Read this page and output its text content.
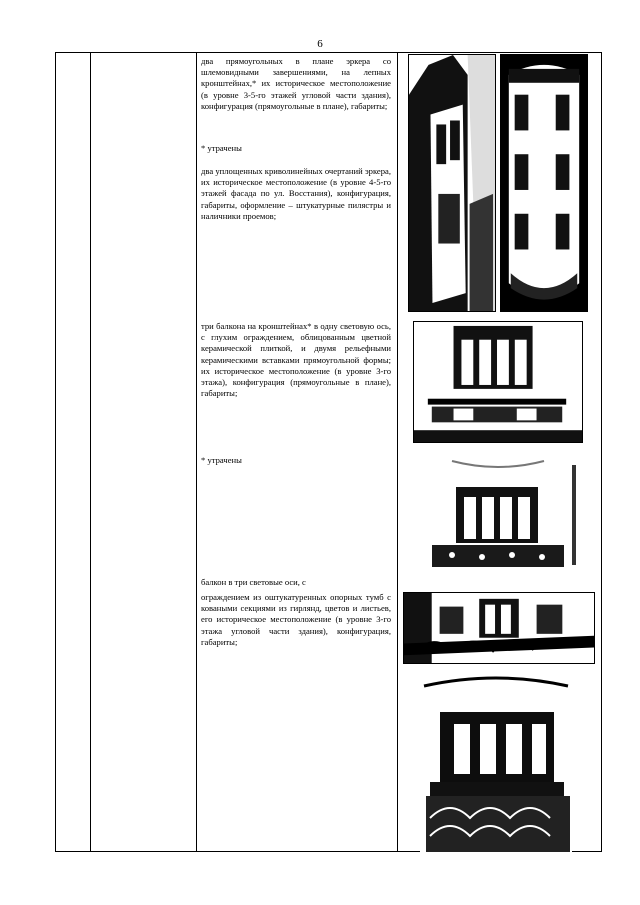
6

два прямоугольных в плане эркера со шлемовидными завершениями, на лепных кронштейнах,* их историческое местоположение (в уровне 3-5-го этажей угловой части здания), конфигурация (прямоугольные в плане), габариты;

* утрачены

два уплощенных криволинейных очертаний эркера, их историческое местоположение (в уровне 4-5-го этажей фасада по ул. Восстания), конфигурация, габариты, оформление – штукатурные пилястры и наличники проемов;

три балкона на кронштейнах* в одну световую ось, с глухим ограждением, облицованным цветной керамической плиткой, и двумя рельефными керамическими вставками прямоугольной формы; их историческое местоположение (в уровне 3-го этажа), конфигурация (прямоугольные в плане), габариты;

* утрачены

балкон в три световые оси, с

ограждением из оштукатуренных опорных тумб с коваными секциями из гирлянд, цветов и листьев, его историческое местоположение (в уровне 3-го этажа угловой части здания), конфигурация, габариты;
